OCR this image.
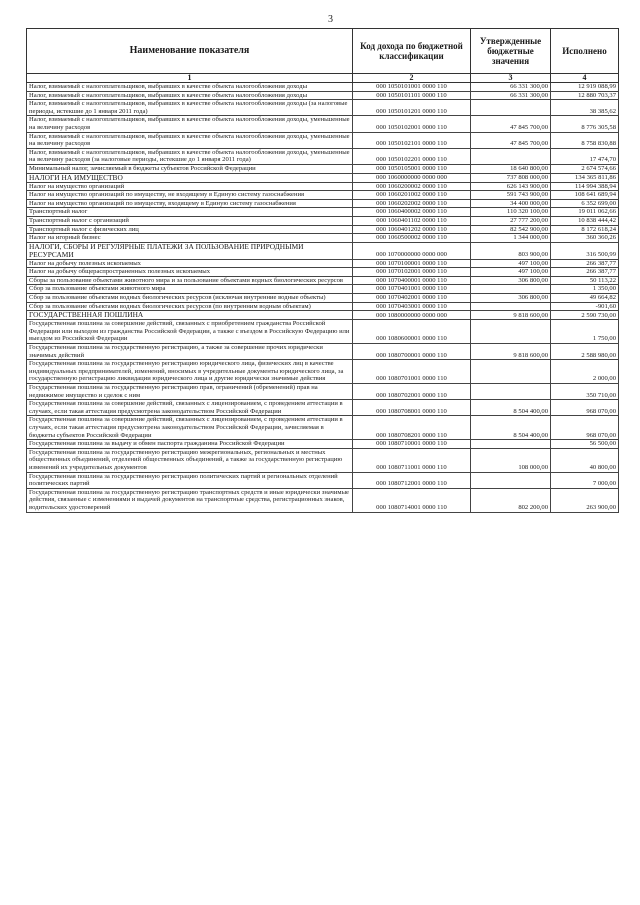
3
Наименование показателя	Код дохода по бюджетной классификации	Утвержденные бюджетные значения	Исполнено
1	2	3	4
Налог, взимаемый с налогоплательщиков, выбравших в качестве объекта налогообложения доходы	000 1050101001 0000 110	66 331 300,00	12 919 088,99
Налог, взимаемый с налогоплательщиков, выбравших в качестве объекта налогообложения доходы	000 1050101101 0000 110	66 331 300,00	12 880 703,37
Налог, взимаемый с налогоплательщиков, выбравших в качестве объекта налогообложения доходы (за налоговые периоды, истекшие до 1 января 2011 года)	000 1050101201 0000 110		38 385,62
Налог, взимаемый с налогоплательщиков, выбравших в качестве объекта налогообложения доходы, уменьшенные на величину расходов	000 1050102001 0000 110	47 845 700,00	8 776 305,58
Налог, взимаемый с налогоплательщиков, выбравших в качестве объекта налогообложения доходы, уменьшенные на величину расходов	000 1050102101 0000 110	47 845 700,00	8 758 830,88
Налог, взимаемый с налогоплательщиков, выбравших в качестве объекта налогообложения доходы, уменьшенные на величину расходов (за налоговые периоды, истекшие до 1 января 2011 года)	000 1050102201 0000 110		17 474,70
Минимальный налог, зачисляемый в бюджеты субъектов Российской Федерации	000 1050105001 0000 110	18 640 800,00	2 674 574,66
НАЛОГИ НА ИМУЩЕСТВО	000 1060000000 0000 000	737 808 000,00	134 365 811,86
Налог на имущество организаций	000 1060200002 0000 110	626 143 900,00	114 994 388,94
Налог на имущество организаций по имуществу, не входящему в Единую систему газоснабжения	000 1060201002 0000 110	591 743 900,00	108 641 689,94
Налог на имущество организаций по имуществу, входящему в Единую систему газоснабжения	000 1060202002 0000 110	34 400 000,00	6 352 699,00
Транспортный налог	000 1060400002 0000 110	110 320 100,00	19 011 062,66
Транспортный налог с организаций	000 1060401102 0000 110	27 777 200,00	10 838 444,42
Транспортный налог с физических лиц	000 1060401202 0000 110	82 542 900,00	8 172 618,24
Налог на игорный бизнес	000 1060500002 0000 110	1 344 000,00	360 360,26
НАЛОГИ, СБОРЫ И РЕГУЛЯРНЫЕ ПЛАТЕЖИ ЗА ПОЛЬЗОВАНИЕ ПРИРОДНЫМИ РЕСУРСАМИ	000 1070000000 0000 000	803 900,00	316 500,99
Налог на добычу полезных ископаемых	000 1070100001 0000 110	497 100,00	266 387,77
Налог на добычу общераспространенных полезных ископаемых	000 1070102001 0000 110	497 100,00	266 387,77
Сборы за пользование объектами животного мира и за пользование объектами водных биологических ресурсов	000 1070400001 0000 110	306 800,00	50 113,22
Сбор за пользование объектами животного мира	000 1070401001 0000 110		1 350,00
Сбор за пользование объектами водных биологических ресурсов (исключая внутренние водные объекты)	000 1070402001 0000 110	306 800,00	49 664,82
Сбор за пользование объектами водных биологических ресурсов (по внутренним водным объектам)	000 1070403001 0000 110		-901,60
ГОСУДАРСТВЕННАЯ ПОШЛИНА	000 1080000000 0000 000	9 818 600,00	2 590 730,00
Государственная пошлина за совершение действий, связанных с приобретением гражданства Российской Федерации или выходом из гражданства Российской Федерации, а также с въездом в Российскую Федерацию или выездом из Российской Федерации	000 1080600001 0000 110		1 750,00
Государственная пошлина за государственную регистрацию, а также за совершение прочих юридически значимых действий	000 1080700001 0000 110	9 818 600,00	2 588 980,00
Государственная пошлина за государственную регистрацию юридического лица, физических лиц в качестве индивидуальных предпринимателей, изменений, вносимых в учредительные документы юридического лица, за государственную регистрацию ликвидации юридического лица и другие юридически значимые действия	000 1080701001 0000 110		2 000,00
Государственная пошлина за государственную регистрацию прав, ограничений (обременений) прав на недвижимое имущество и сделок с ним	000 1080702001 0000 110		350 710,00
Государственная пошлина за совершение действий, связанных с лицензированием, с проведением аттестации в случаях, если такая аттестация предусмотрена законодательством Российской Федерации	000 1080708001 0000 110	8 504 400,00	968 070,00
Государственная пошлина за совершение действий, связанных с лицензированием, с проведением аттестации в случаях, если такая аттестация предусмотрена законодательством Российской Федерации, зачисляемая в бюджеты субъектов Российской Федерации	000 1080708201 0000 110	8 504 400,00	968 070,00
Государственная пошлина за выдачу и обмен паспорта гражданина Российской Федерации	000 1080710001 0000 110		56 500,00
Государственная пошлина за государственную регистрацию межрегиональных, региональных и местных общественных объединений, отделений общественных объединений, а также за государственную регистрацию изменений их учредительных документов	000 1080711001 0000 110	108 000,00	40 800,00
Государственная пошлина за государственную регистрацию политических партий и региональных отделений политических партий	000 1080712001 0000 110		7 000,00
Государственная пошлина за государственную регистрацию транспортных средств и иные юридически значимые действия, связанные с изменениями и выдачей документов на транспортные средства, регистрационных знаков, водительских удостоверений	000 1080714001 0000 110	802 200,00	263 900,00
